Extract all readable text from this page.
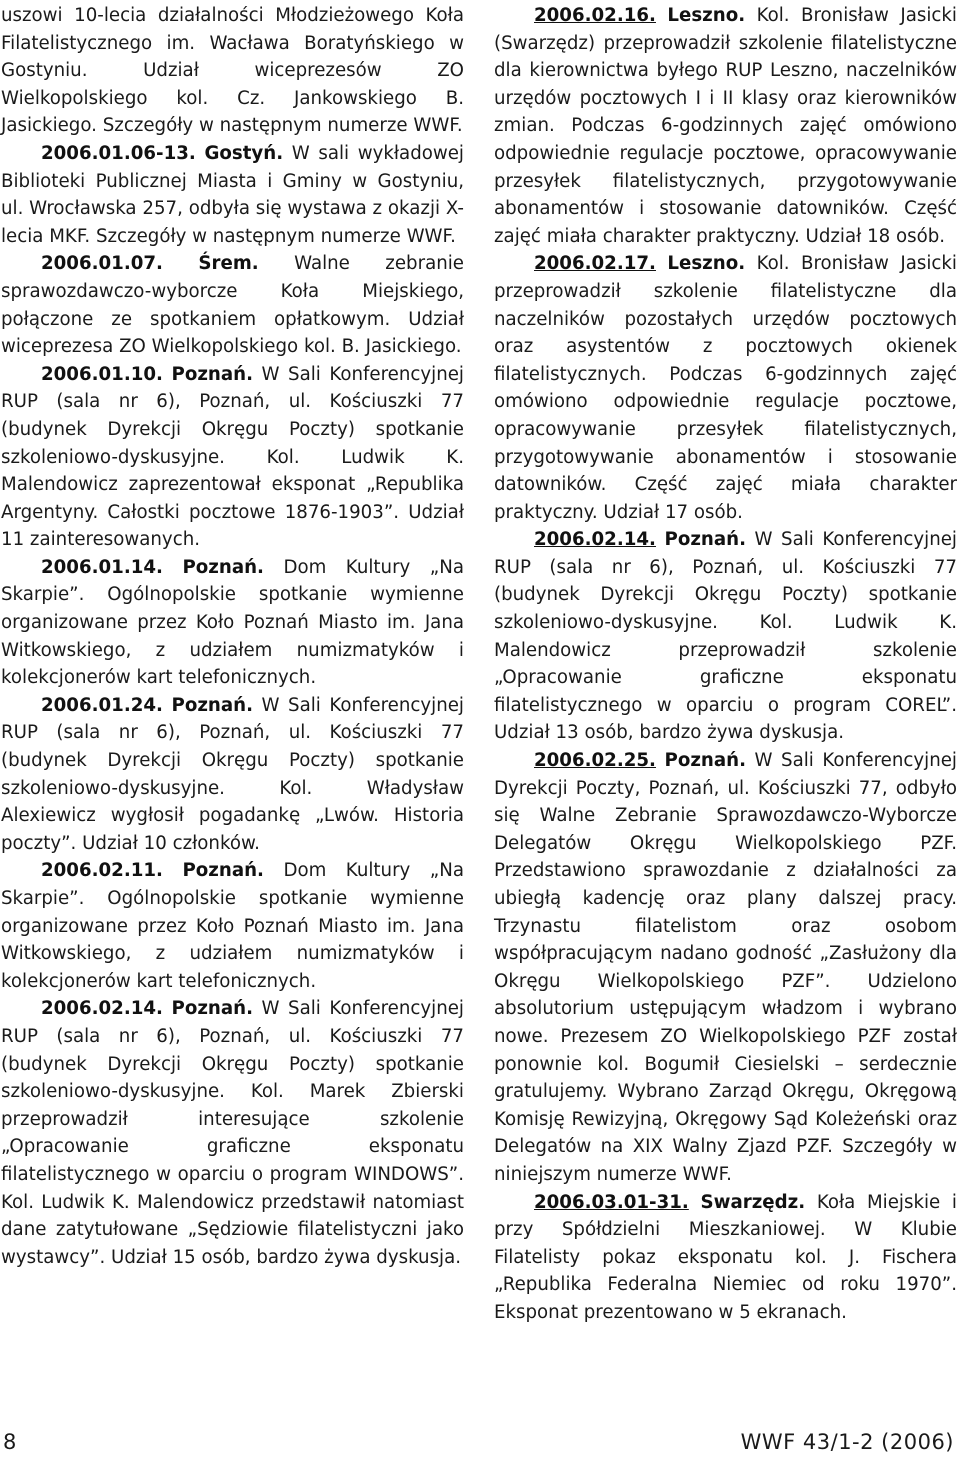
uszowi 10-lecia działalności Młodzieżowego Koła Filatelistycznego im. Wacława Boratyńskiego w Gostyniu. Udział wiceprezesów ZO Wielkopolskiego kol. Cz. Jankowskiego B. Jasickiego. Szczegóły w następnym numerze WWF.

2006.01.06-13. Gostyń. W sali wykładowej Biblioteki Publicznej Miasta i Gminy w Gostyniu, ul. Wrocławska 257, odbyła się wystawa z okazji X-lecia MKF. Szczegóły w następnym numerze WWF.

2006.01.07. Śrem. Walne zebranie sprawozdawczo-wyborcze Koła Miejskiego, połączone ze spotkaniem opłatkowym. Udział wiceprezesa ZO Wielkopolskiego kol. B. Jasickiego.

2006.01.10. Poznań. W Sali Konferencyjnej RUP (sala nr 6), Poznań, ul. Kościuszki 77 (budynek Dyrekcji Okręgu Poczty) spotkanie szkoleniowo-dyskusyjne. Kol. Ludwik K. Malendowicz zaprezentował eksponat „Republika Argentyny. Całostki pocztowe 1876-1903”. Udział 11 zainteresowanych.

2006.01.14. Poznań. Dom Kultury „Na Skarpie”. Ogólnopolskie spotkanie wymienne organizowane przez Koło Poznań Miasto im. Jana Witkowskiego, z udziałem numizmatyków i kolekcjonerów kart telefonicznych.

2006.01.24. Poznań. W Sali Konferencyjnej RUP (sala nr 6), Poznań, ul. Kościuszki 77 (budynek Dyrekcji Okręgu Poczty) spotkanie szkoleniowo-dyskusyjne. Kol. Władysław Alexiewicz wygłosił pogadankę „Lwów. Historia poczty”. Udział 10 członków.

2006.02.11. Poznań. Dom Kultury „Na Skarpie”. Ogólnopolskie spotkanie wymienne organizowane przez Koło Poznań Miasto im. Jana Witkowskiego, z udziałem numizmatyków i kolekcjonerów kart telefonicznych.

2006.02.14. Poznań. W Sali Konferencyjnej RUP (sala nr 6), Poznań, ul. Kościuszki 77 (budynek Dyrekcji Okręgu Poczty) spotkanie szkoleniowo-dyskusyjne. Kol. Marek Zbierski przeprowadził interesujące szkolenie „Opracowanie graficzne eksponatu filatelistycznego w oparciu o program WINDOWS”. Kol. Ludwik K. Malendowicz przedstawił natomiast dane zatytułowane „Sędziowie filatelistyczni jako wystawcy”. Udział 15 osób, bardzo żywa dyskusja.

2006.02.16. Leszno. Kol. Bronisław Jasicki (Swarzędz) przeprowadził szkolenie filatelistyczne dla kierownictwa byłego RUP Leszno, naczelników urzędów pocztowych I i II klasy oraz kierowników zmian. Podczas 6-godzinnych zajęć omówiono odpowiednie regulacje pocztowe, opracowywanie przesyłek filatelistycznych, przygotowywanie abonamentów i stosowanie datowników. Część zajęć miała charakter praktyczny. Udział 18 osób.

2006.02.17. Leszno. Kol. Bronisław Jasicki przeprowadził szkolenie filatelistyczne dla naczelników pozostałych urzędów pocztowych oraz asystentów z pocztowych okienek filatelistycznych. Podczas 6-godzinnych zajęć omówiono odpowiednie regulacje pocztowe, opracowywanie przesyłek filatelistycznych, przygotowywanie abonamentów i stosowanie datowników. Część zajęć miała charakter praktyczny. Udział 17 osób.

2006.02.14. Poznań. W Sali Konferencyjnej RUP (sala nr 6), Poznań, ul. Kościuszki 77 (budynek Dyrekcji Okręgu Poczty) spotkanie szkoleniowo-dyskusyjne. Kol. Ludwik K. Malendowicz przeprowadził szkolenie „Opracowanie graficzne eksponatu filatelistycznego w oparciu o program COREL”. Udział 13 osób, bardzo żywa dyskusja.

2006.02.25. Poznań. W Sali Konferencyjnej Dyrekcji Poczty, Poznań, ul. Kościuszki 77, odbyło się Walne Zebranie Sprawozdawczo-Wyborcze Delegatów Okręgu Wielkopolskiego PZF. Przedstawiono sprawozdanie z działalności za ubiegłą kadencję oraz plany dalszej pracy. Trzynastu filatelistom oraz osobom współpracującym nadano godność „Zasłużony dla Okręgu Wielkopolskiego PZF”. Udzielono absolutorium ustępującym władzom i wybrano nowe. Prezesem ZO Wielkopolskiego PZF został ponownie kol. Bogumił Ciesielski – serdecznie gratulujemy. Wybrano Zarząd Okręgu, Okręgową Komisję Rewizyjną, Okręgowy Sąd Koleżeński oraz Delegatów na XIX Walny Zjazd PZF. Szczegóły w niniejszym numerze WWF.

2006.03.01-31. Swarzędz. Koła Miejskie i przy Spółdzielni Mieszkaniowej. W Klubie Filatelisty pokaz eksponatu kol. J. Fischera „Republika Federalna Niemiec od roku 1970”. Eksponat prezentowano w 5 ekranach.

8	WWF 43/1-2 (2006)
